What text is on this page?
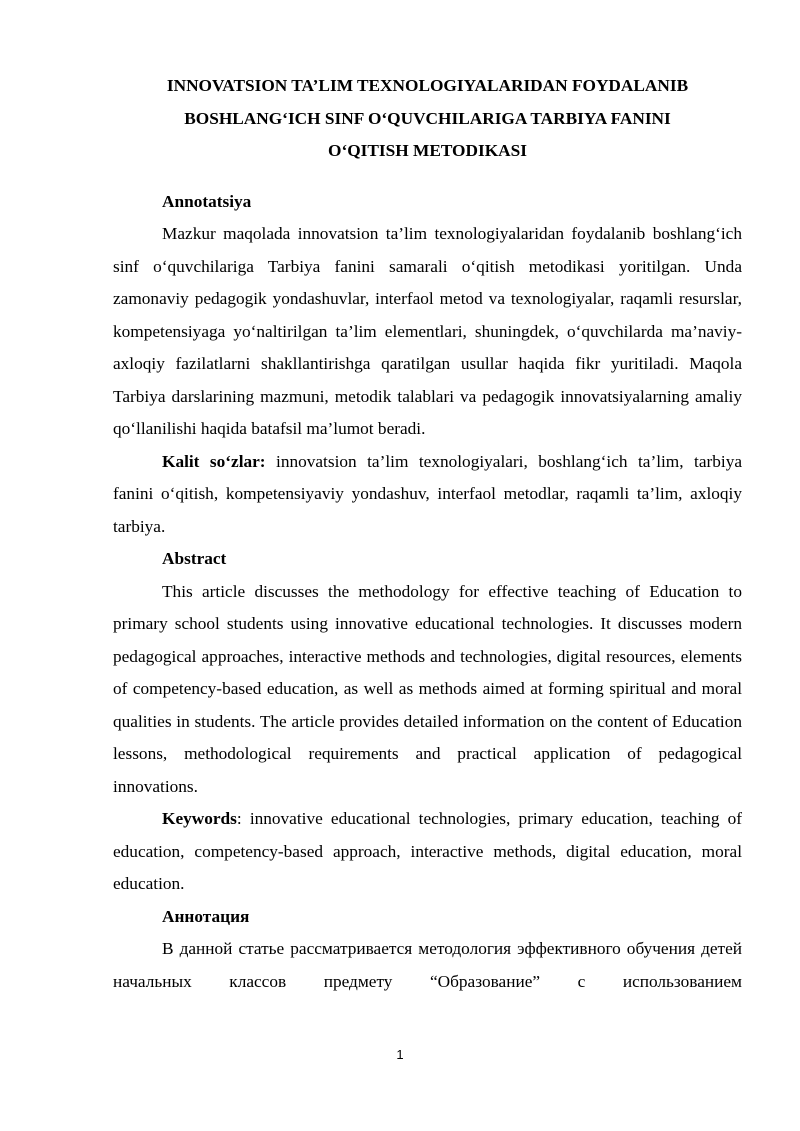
INNOVATSION TA’LIM TEXNOLOGIYALARIDAN FOYDALANIB
BOSHLANG‘ICH SINF O‘QUVCHILARIGA TARBIYA FANINI
O‘QITISH METODIKASI

Annotatsiya

Mazkur maqolada innovatsion ta’lim texnologiyalaridan foydalanib boshlang‘ich sinf o‘quvchilariga Tarbiya fanini samarali o‘qitish metodikasi yoritilgan. Unda zamonaviy pedagogik yondashuvlar, interfaol metod va texnologiyalar, raqamli resurslar, kompetensiyaga yo‘naltirilgan ta’lim elementlari, shuningdek, o‘quvchilarda ma’naviy-axloqiy fazilatlarni shakllantirishga qaratilgan usullar haqida fikr yuritiladi. Maqola Tarbiya darslarining mazmuni, metodik talablari va pedagogik innovatsiyalarning amaliy qo‘llanilishi haqida batafsil ma’lumot beradi.

Kalit so‘zlar: innovatsion ta’lim texnologiyalari, boshlang‘ich ta’lim, tarbiya fanini o‘qitish, kompetensiyaviy yondashuv, interfaol metodlar, raqamli ta’lim, axloqiy tarbiya.

Abstract

This article discusses the methodology for effective teaching of Education to primary school students using innovative educational technologies. It discusses modern pedagogical approaches, interactive methods and technologies, digital resources, elements of competency-based education, as well as methods aimed at forming spiritual and moral qualities in students. The article provides detailed information on the content of Education lessons, methodological requirements and practical application of pedagogical innovations.

Keywords: innovative educational technologies, primary education, teaching of education, competency-based approach, interactive methods, digital education, moral education.

Аннотация

В данной статье рассматривается методология эффективного обучения детей начальных классов предмету “Образование” с использованием

1
